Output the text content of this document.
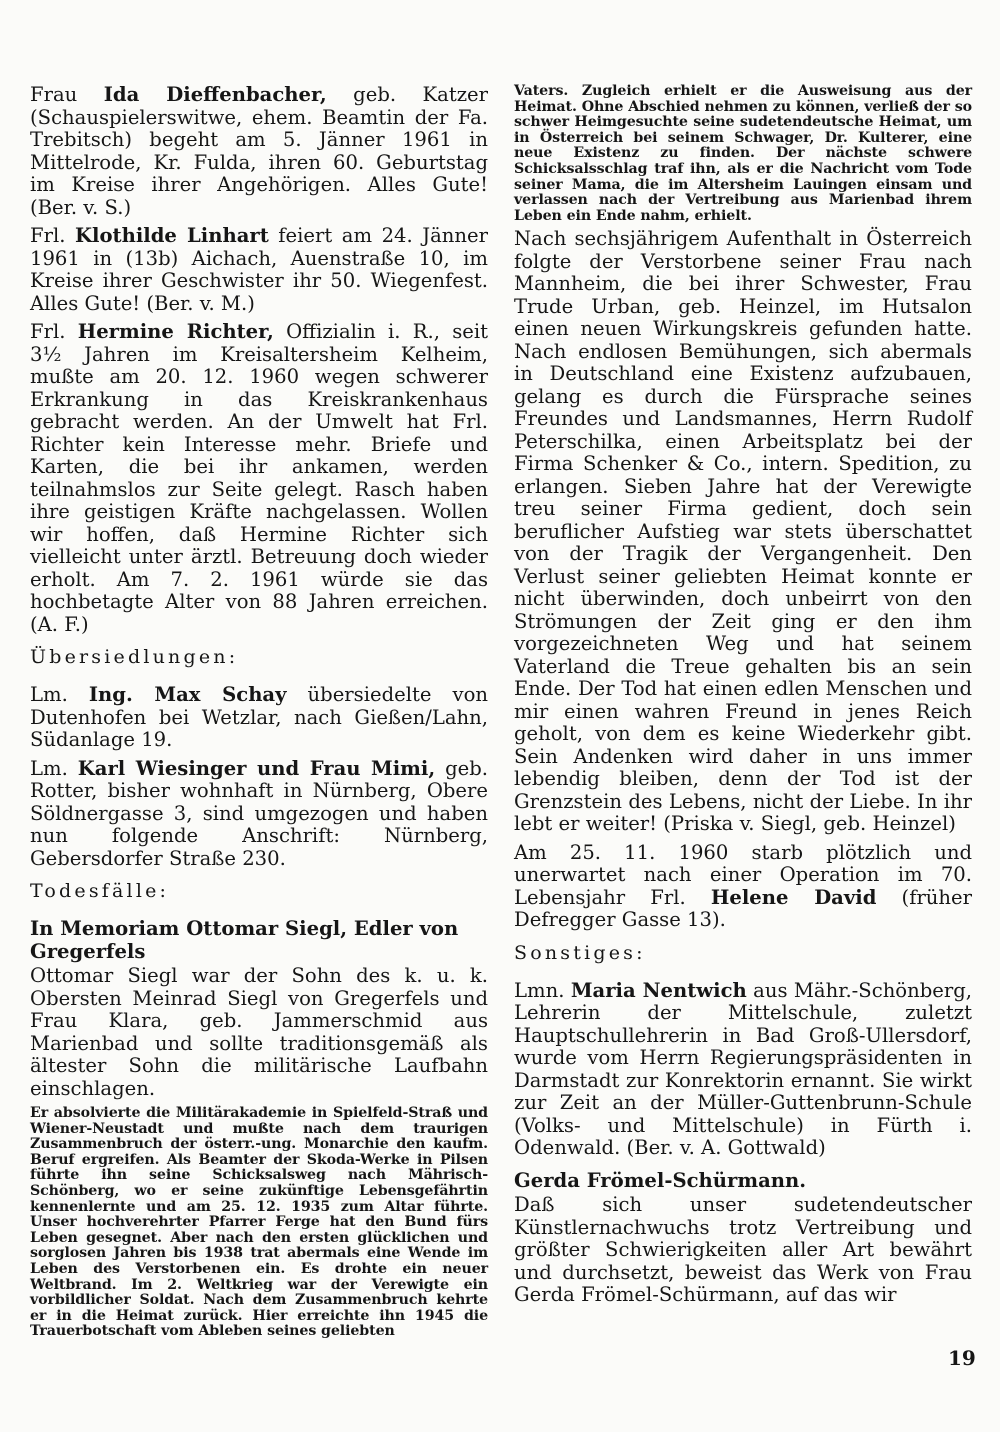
Frau Ida Dieffenbacher, geb. Katzer (Schauspielerswitwe, ehem. Beamtin der Fa. Trebitsch) begeht am 5. Jänner 1961 in Mittelrode, Kr. Fulda, ihren 60. Geburtstag im Kreise ihrer Angehörigen. Alles Gute! (Ber. v. S.)

Frl. Klothilde Linhart feiert am 24. Jänner 1961 in (13b) Aichach, Auenstraße 10, im Kreise ihrer Geschwister ihr 50. Wiegenfest. Alles Gute! (Ber. v. M.)

Frl. Hermine Richter, Offizialin i. R., seit 3½ Jahren im Kreisaltersheim Kelheim, mußte am 20. 12. 1960 wegen schwerer Erkrankung in das Kreiskrankenhaus gebracht werden. An der Umwelt hat Frl. Richter kein Interesse mehr. Briefe und Karten, die bei ihr ankamen, werden teilnahmslos zur Seite gelegt. Rasch haben ihre geistigen Kräfte nachgelassen. Wollen wir hoffen, daß Hermine Richter sich vielleicht unter ärztl. Betreuung doch wieder erholt. Am 7. 2. 1961 würde sie das hochbetagte Alter von 88 Jahren erreichen. (A. F.)

Übersiedlungen:

Lm. Ing. Max Schay übersiedelte von Dutenhofen bei Wetzlar, nach Gießen/Lahn, Südanlage 19.

Lm. Karl Wiesinger und Frau Mimi, geb. Rotter, bisher wohnhaft in Nürnberg, Obere Söldnergasse 3, sind umgezogen und haben nun folgende Anschrift: Nürnberg, Gebersdorfer Straße 230.

Todesfälle:

In Memoriam Ottomar Siegl, Edler von Gregerfels

Ottomar Siegl war der Sohn des k. u. k. Obersten Meinrad Siegl von Gregerfels und Frau Klara, geb. Jammerschmid aus Marienbad und sollte traditionsgemäß als ältester Sohn die militärische Laufbahn einschlagen.

Er absolvierte die Militärakademie in Spielfeld-Straß und Wiener-Neustadt und mußte nach dem traurigen Zusammenbruch der österr.-ung. Monarchie den kaufm. Beruf ergreifen. Als Beamter der Skoda-Werke in Pilsen führte ihn seine Schicksalsweg nach Mährisch-Schönberg, wo er seine zukünftige Lebensgefährtin kennenlernte und am 25. 12. 1935 zum Altar führte. Unser hochverehrter Pfarrer Ferge hat den Bund fürs Leben gesegnet. Aber nach den ersten glücklichen und sorglosen Jahren bis 1938 trat abermals eine Wende im Leben des Verstorbenen ein. Es drohte ein neuer Weltbrand. Im 2. Weltkrieg war der Verewigte ein vorbildlicher Soldat. Nach dem Zusammenbruch kehrte er in die Heimat zurück. Hier erreichte ihn 1945 die Trauerbotschaft vom Ableben seines geliebten

Vaters. Zugleich erhielt er die Ausweisung aus der Heimat. Ohne Abschied nehmen zu können, verließ der so schwer Heimgesuchte seine sudetendeutsche Heimat, um in Österreich bei seinem Schwager, Dr. Kulterer, eine neue Existenz zu finden. Der nächste schwere Schicksalsschlag traf ihn, als er die Nachricht vom Tode seiner Mama, die im Altersheim Lauingen einsam und verlassen nach der Vertreibung aus Marienbad ihrem Leben ein Ende nahm, erhielt.

Nach sechsjährigem Aufenthalt in Österreich folgte der Verstorbene seiner Frau nach Mannheim, die bei ihrer Schwester, Frau Trude Urban, geb. Heinzel, im Hutsalon einen neuen Wirkungskreis gefunden hatte. Nach endlosen Bemühungen, sich abermals in Deutschland eine Existenz aufzubauen, gelang es durch die Fürsprache seines Freundes und Landsmannes, Herrn Rudolf Peterschilka, einen Arbeitsplatz bei der Firma Schenker & Co., intern. Spedition, zu erlangen. Sieben Jahre hat der Verewigte treu seiner Firma gedient, doch sein beruflicher Aufstieg war stets überschattet von der Tragik der Vergangenheit. Den Verlust seiner geliebten Heimat konnte er nicht überwinden, doch unbeirrt von den Strömungen der Zeit ging er den ihm vorgezeichneten Weg und hat seinem Vaterland die Treue gehalten bis an sein Ende. Der Tod hat einen edlen Menschen und mir einen wahren Freund in jenes Reich geholt, von dem es keine Wiederkehr gibt. Sein Andenken wird daher in uns immer lebendig bleiben, denn der Tod ist der Grenzstein des Lebens, nicht der Liebe. In ihr lebt er weiter! (Priska v. Siegl, geb. Heinzel)

Am 25. 11. 1960 starb plötzlich und unerwartet nach einer Operation im 70. Lebensjahr Frl. Helene David (früher Defregger Gasse 13).

Sonstiges:

Lmn. Maria Nentwich aus Mähr.-Schönberg, Lehrerin der Mittelschule, zuletzt Hauptschullehrerin in Bad Groß-Ullersdorf, wurde vom Herrn Regierungspräsidenten in Darmstadt zur Konrektorin ernannt. Sie wirkt zur Zeit an der Müller-Guttenbrunn-Schule (Volks- und Mittelschule) in Fürth i. Odenwald. (Ber. v. A. Gottwald)

Gerda Frömel-Schürmann.

Daß sich unser sudetendeutscher Künstlernachwuchs trotz Vertreibung und größter Schwierigkeiten aller Art bewährt und durchsetzt, beweist das Werk von Frau Gerda Frömel-Schürmann, auf das wir

19
